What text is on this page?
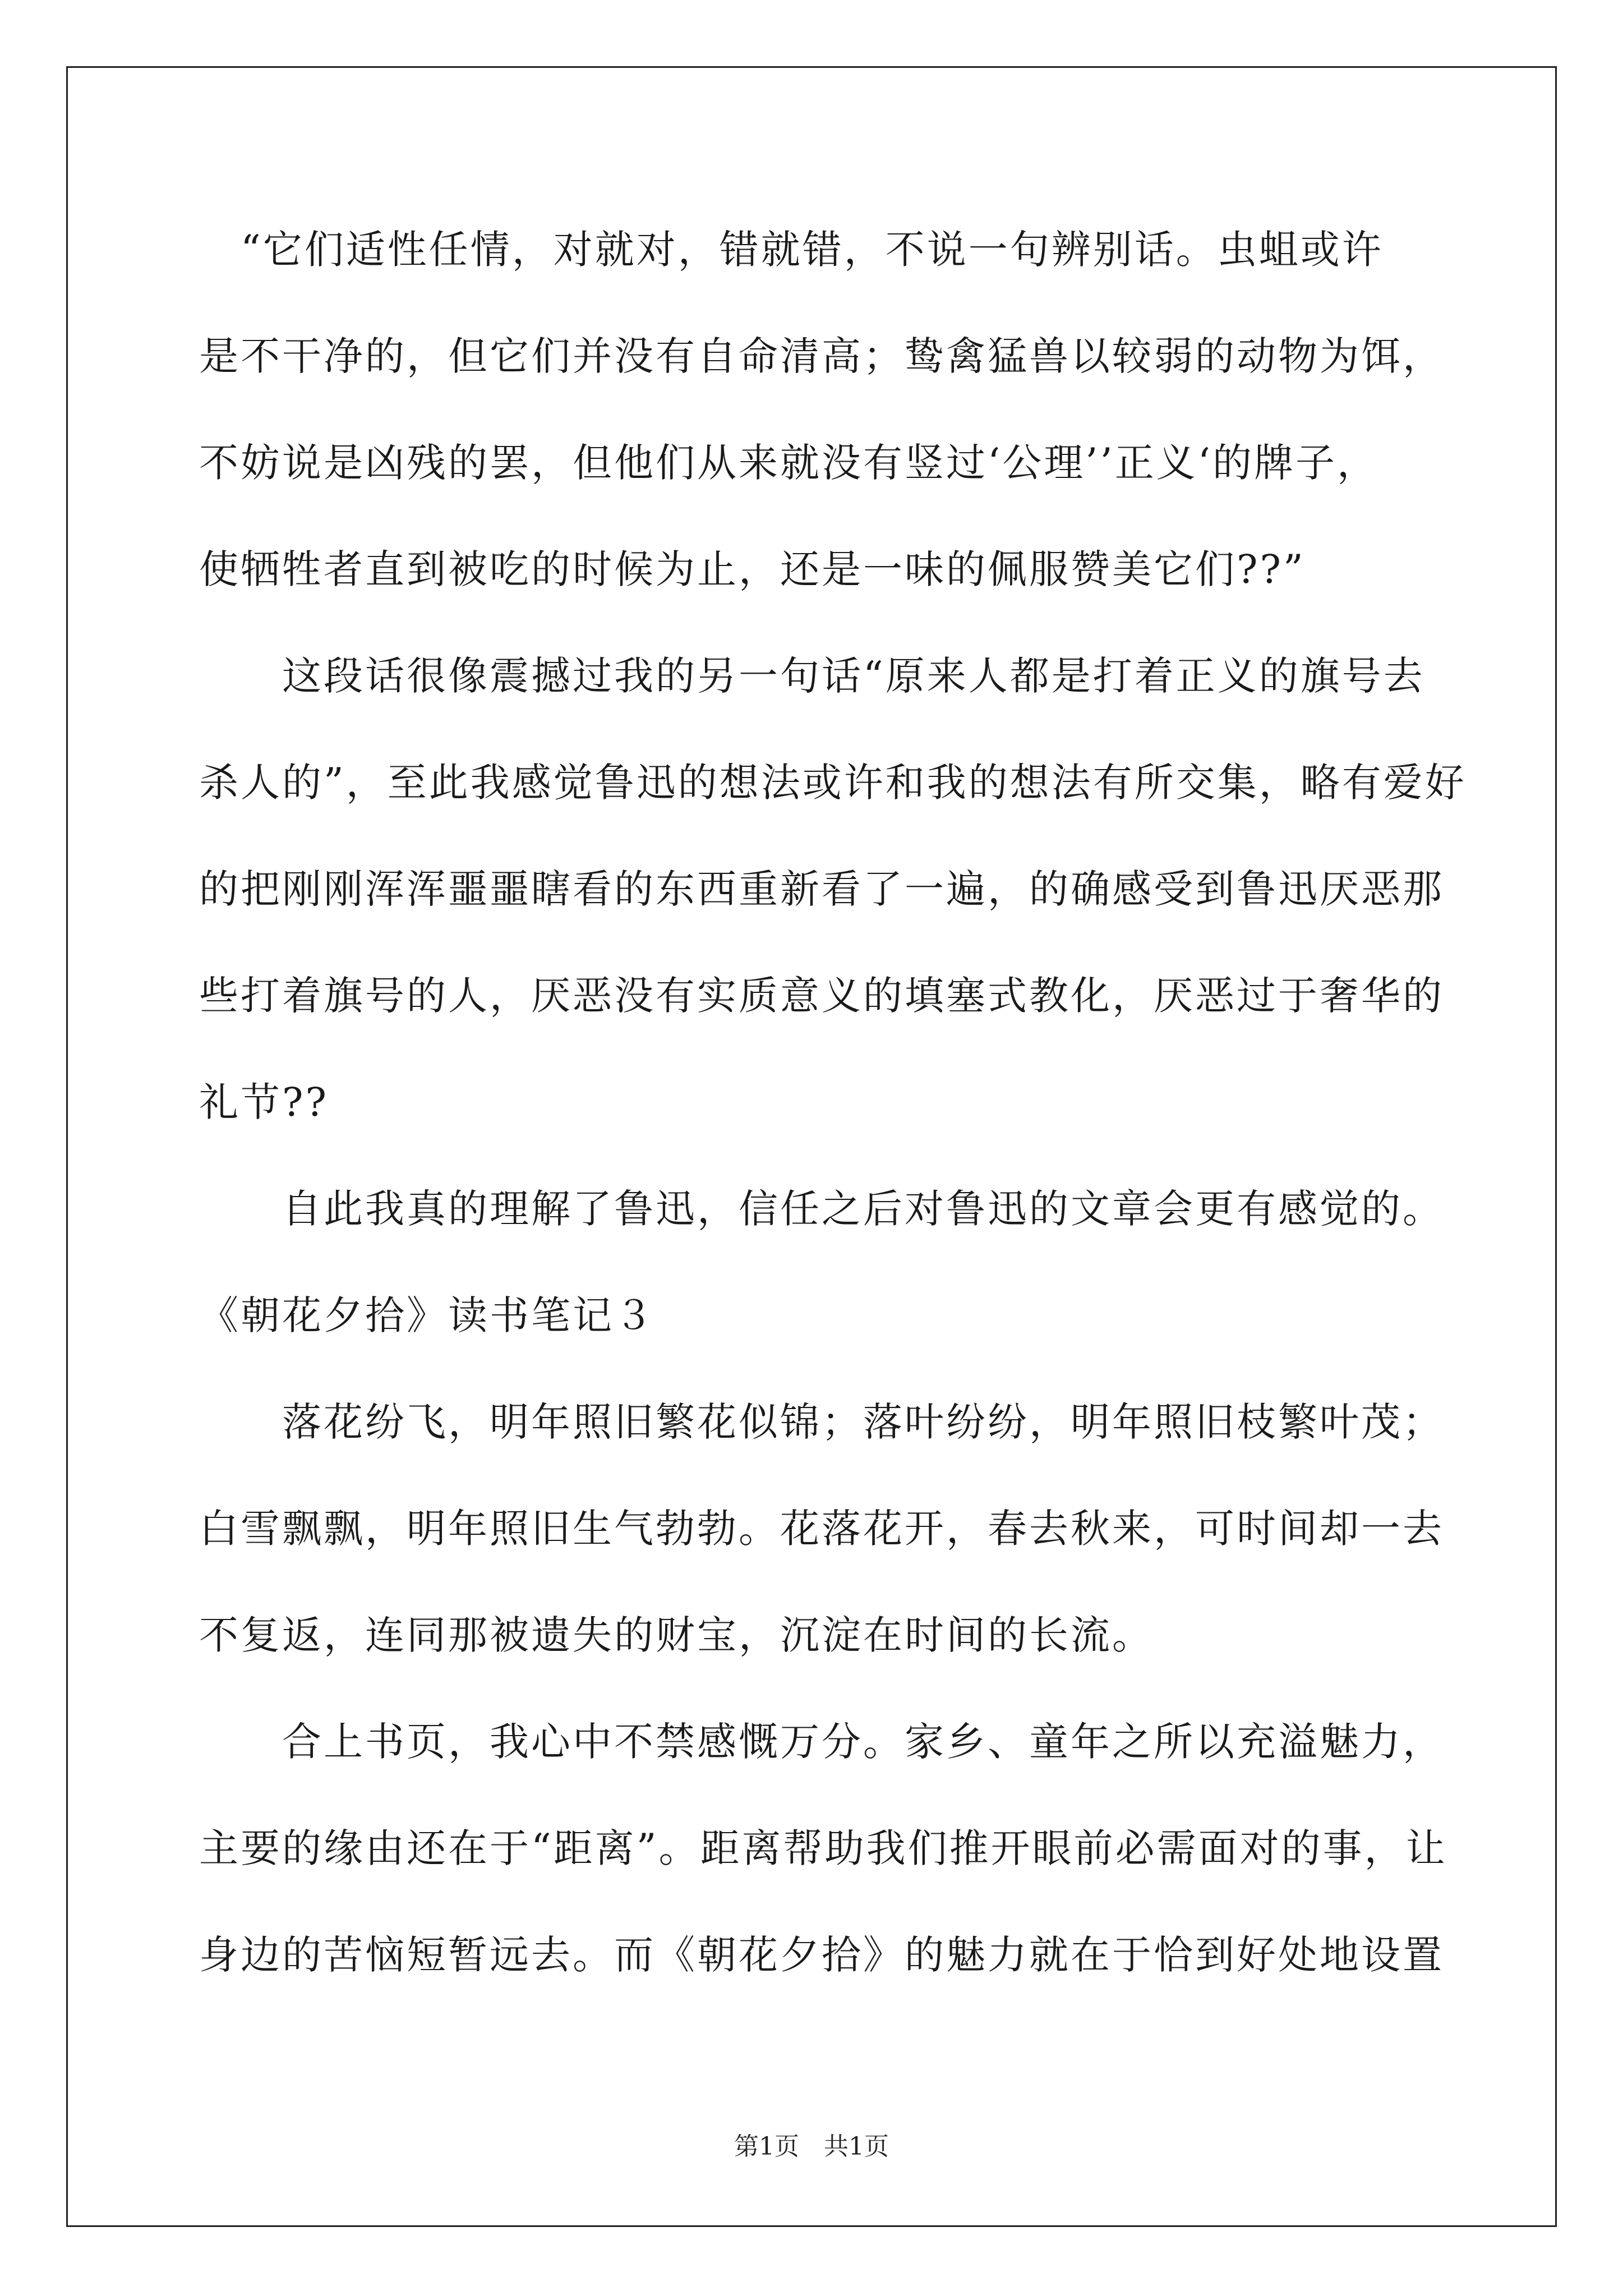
　“它们适性任情，对就对，错就错，不说一句辨别话。虫蛆或许
是不干净的，但它们并没有自命清高；鸷禽猛兽以较弱的动物为饵，
不妨说是凶残的罢，但他们从来就没有竖过‘公理’’正义‘的牌子，
使牺牲者直到被吃的时候为止，还是一味的佩服赞美它们??”
　　这段话很像震撼过我的另一句话“原来人都是打着正义的旗号去
杀人的”，至此我感觉鲁迅的想法或许和我的想法有所交集，略有爱好
的把刚刚浑浑噩噩瞎看的东西重新看了一遍，的确感受到鲁迅厌恶那
些打着旗号的人，厌恶没有实质意义的填塞式教化，厌恶过于奢华的
礼节??
　　自此我真的理解了鲁迅，信任之后对鲁迅的文章会更有感觉的。
《朝花夕拾》读书笔记３
　　落花纷飞，明年照旧繁花似锦；落叶纷纷，明年照旧枝繁叶茂；
白雪飘飘，明年照旧生气勃勃。花落花开，春去秋来，可时间却一去
不复返，连同那被遗失的财宝，沉淀在时间的长流。
　　合上书页，我心中不禁感慨万分。家乡、童年之所以充溢魅力，
主要的缘由还在于“距离”。距离帮助我们推开眼前必需面对的事，让
身边的苦恼短暂远去。而《朝花夕拾》的魅力就在于恰到好处地设置
第1页　共1页
